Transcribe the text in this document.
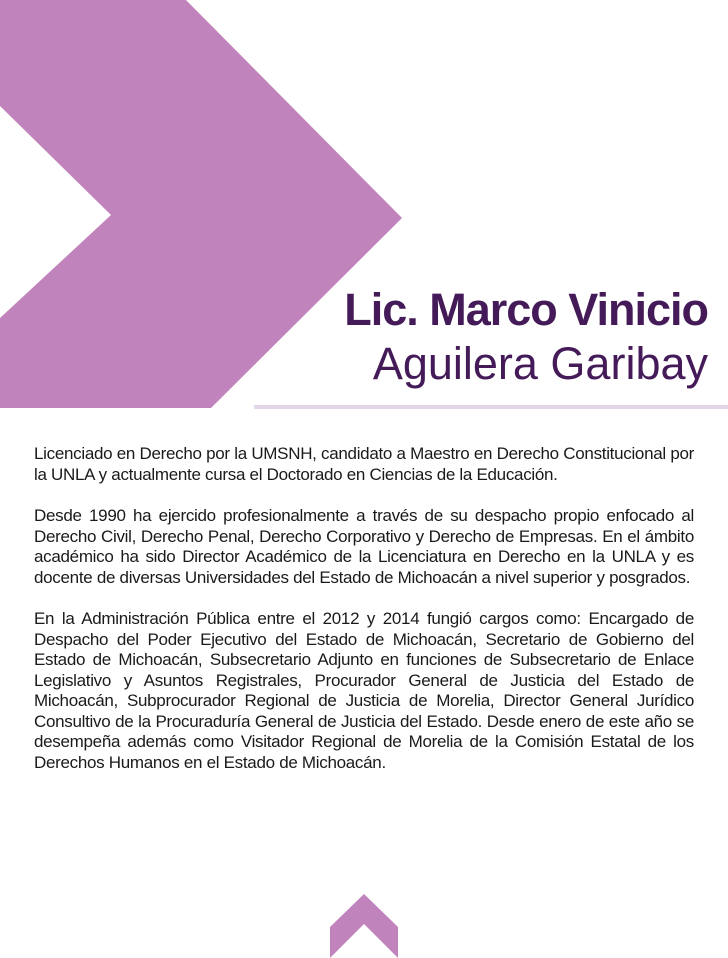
Lic. Marco Vinicio
Aguilera Garibay

Licenciado en Derecho por la UMSNH, candidato a Maestro en Derecho Constitucional por la UNLA y actualmente cursa el Doctorado en Ciencias de la Educación.

Desde 1990 ha ejercido profesionalmente a través de su despacho propio enfocado al Derecho Civil, Derecho Penal, Derecho Corporativo y Derecho de Empresas. En el ámbito académico ha sido Director Académico de la Licenciatura en Derecho en la UNLA y es docente de diversas Universidades del Estado de Michoacán a nivel superior y posgrados.

En la Administración Pública entre el 2012 y 2014 fungió cargos como: Encargado de Despacho del Poder Ejecutivo del Estado de Michoacán, Secretario de Gobierno del Estado de Michoacán, Subsecretario Adjunto en funciones de Subsecretario de Enlace Legislativo y Asuntos Registrales, Procurador General de Justicia del Estado de Michoacán, Subprocurador Regional de Justicia de Morelia, Director General Jurídico Consultivo de la Procuraduría General de Justicia del Estado. Desde enero de este año se desempeña además como Visitador Regional de Morelia de la Comisión Estatal de los Derechos Humanos en el Estado de Michoacán.
